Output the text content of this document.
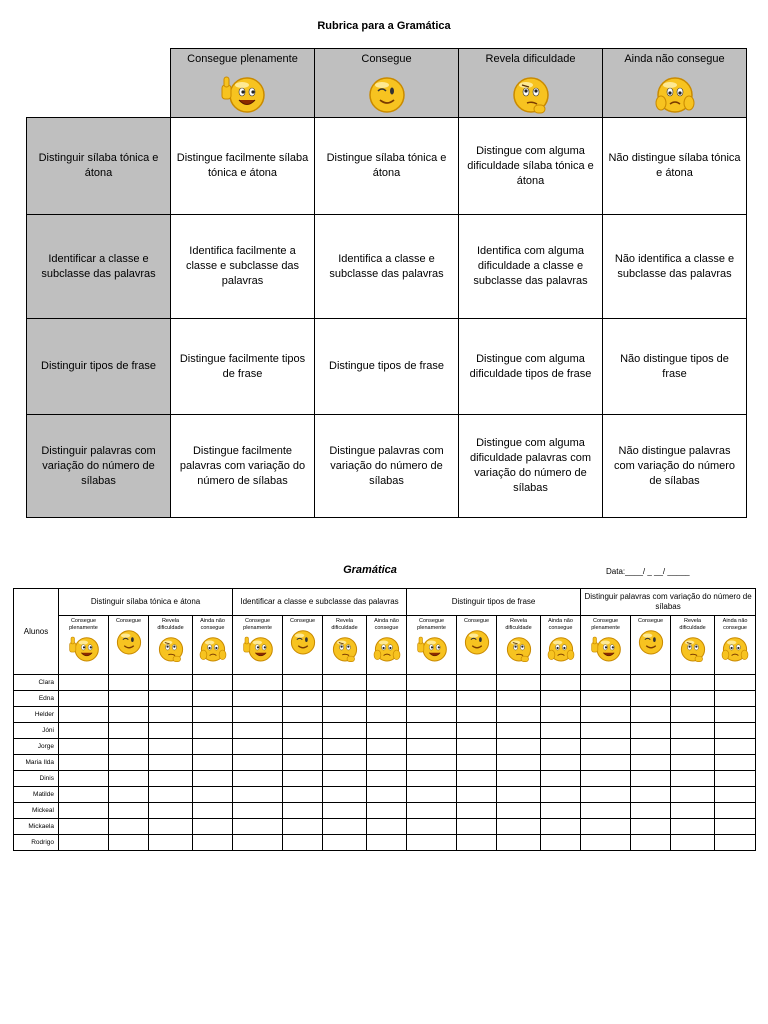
Rubrica para a Gramática
	Consegue plenamente	Consegue	Revela dificuldade	Ainda não consegue

Distinguir sílaba tónica e átona	Distingue facilmente sílaba tónica e átona	Distingue sílaba tónica e átona	Distingue com alguma dificuldade sílaba tónica e átona	Não distingue sílaba tónica e átona
Identificar a classe e subclasse das palavras	Identifica facilmente a classe e subclasse das palavras	Identifica a classe e subclasse das palavras	Identifica com alguma dificuldade a classe e subclasse das palavras	Não identifica a classe e subclasse das palavras
Distinguir tipos de frase	Distingue facilmente tipos de frase	Distingue tipos de frase	Distingue com alguma dificuldade tipos de frase	Não distingue tipos de frase
Distinguir palavras com variação do número de sílabas	Distingue facilmente palavras com variação do número de sílabas	Distingue palavras com variação do número de sílabas	Distingue com alguma dificuldade palavras com variação do número de sílabas	Não distingue palavras com variação do número de sílabas
Gramática	Data:____/ _ __/ _____
Alunos	Distinguir sílaba tónica e átona				Identificar a classe e subclasse das palavras				Distinguir tipos de frase				Distinguir palavras com variação do número de sílabas			
	Consegue plenamente	Consegue	Revela dificuldade	Ainda não consegue	Consegue plenamente	Consegue	Revela dificuldade	Ainda não consegue	Consegue plenamente	Consegue	Revela dificuldade	Ainda não consegue	Consegue plenamente	Consegue	Revela dificuldade	Ainda não consegue

Clara																
Edna																
Helder																
Jóni																
Jorge																
Maria Ilda																
Dinis																
Matilde																
Mickeal																
Mickaela																
Rodrigo																
